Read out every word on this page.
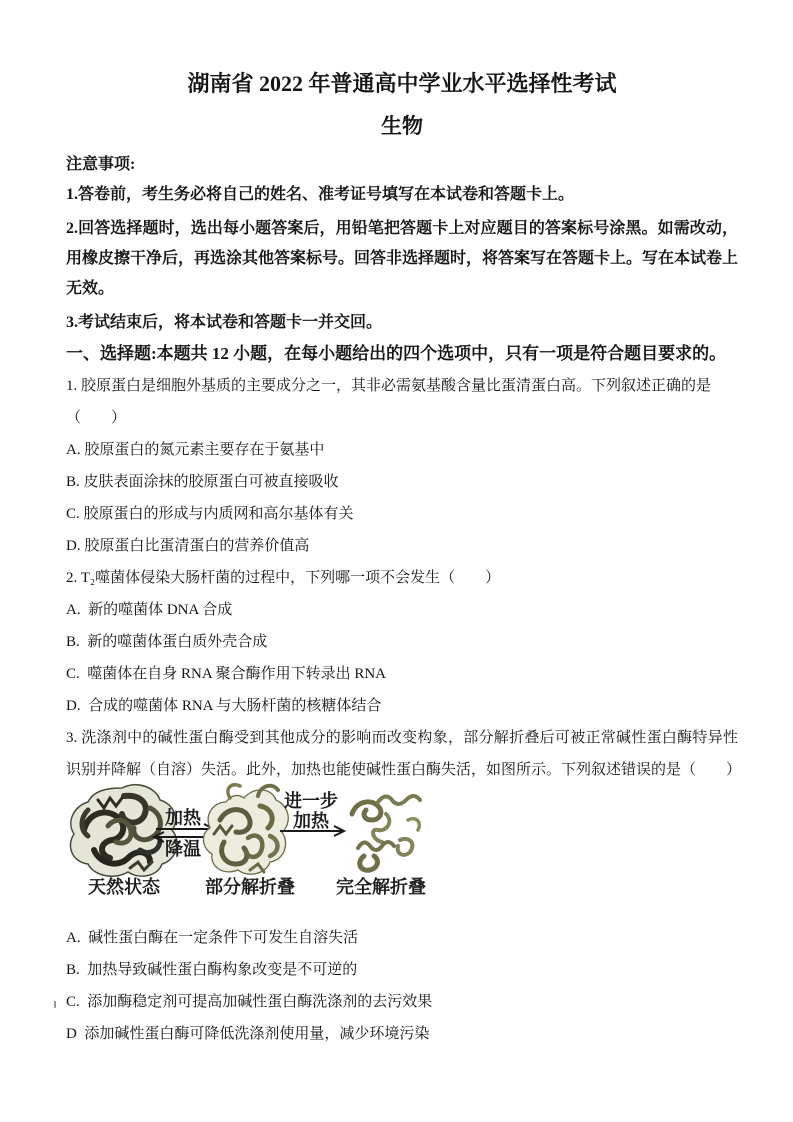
湖南省 2022 年普通高中学业水平选择性考试
生物
注意事项:
1.答卷前，考生务必将自己的姓名、准考证号填写在本试卷和答题卡上。
2.回答选择题时，选出每小题答案后，用铅笔把答题卡上对应题目的答案标号涂黑。如需改动，用橡皮擦干净后，再选涂其他答案标号。回答非选择题时，将答案写在答题卡上。写在本试卷上无效。
3.考试结束后，将本试卷和答题卡一并交回。
一、选择题:本题共 12 小题，在每小题给出的四个选项中，只有一项是符合题目要求的。
1. 胶原蛋白是细胞外基质的主要成分之一，其非必需氨基酸含量比蛋清蛋白高。下列叙述正确的是（　　）
A. 胶原蛋白的氮元素主要存在于氨基中
B. 皮肤表面涂抹的胶原蛋白可被直接吸收
C. 胶原蛋白的形成与内质网和高尔基体有关
D. 胶原蛋白比蛋清蛋白的营养价值高
2. T₂噬菌体侵染大肠杆菌的过程中，下列哪一项不会发生（　　）
A.  新的噬菌体 DNA 合成
B.  新的噬菌体蛋白质外壳合成
C.  噬菌体在自身 RNA 聚合酶作用下转录出 RNA
D.  合成的噬菌体 RNA 与大肠杆菌的核糖体结合
3. 洗涤剂中的碱性蛋白酶受到其他成分的影响而改变构象，部分解折叠后可被正常碱性蛋白酶特异性识别并降解（自溶）失活。此外，加热也能使碱性蛋白酶失活，如图所示。下列叙述错误的是（　　）
加热
降温
进一步
加热
天然状态	部分解折叠 完全解折叠
A.  碱性蛋白酶在一定条件下可发生自溶失活
B.  加热导致碱性蛋白酶构象改变是不可逆的
C.  添加酶稳定剂可提高加碱性蛋白酶洗涤剂的去污效果
D  添加碱性蛋白酶可降低洗涤剂使用量，减少环境污染
